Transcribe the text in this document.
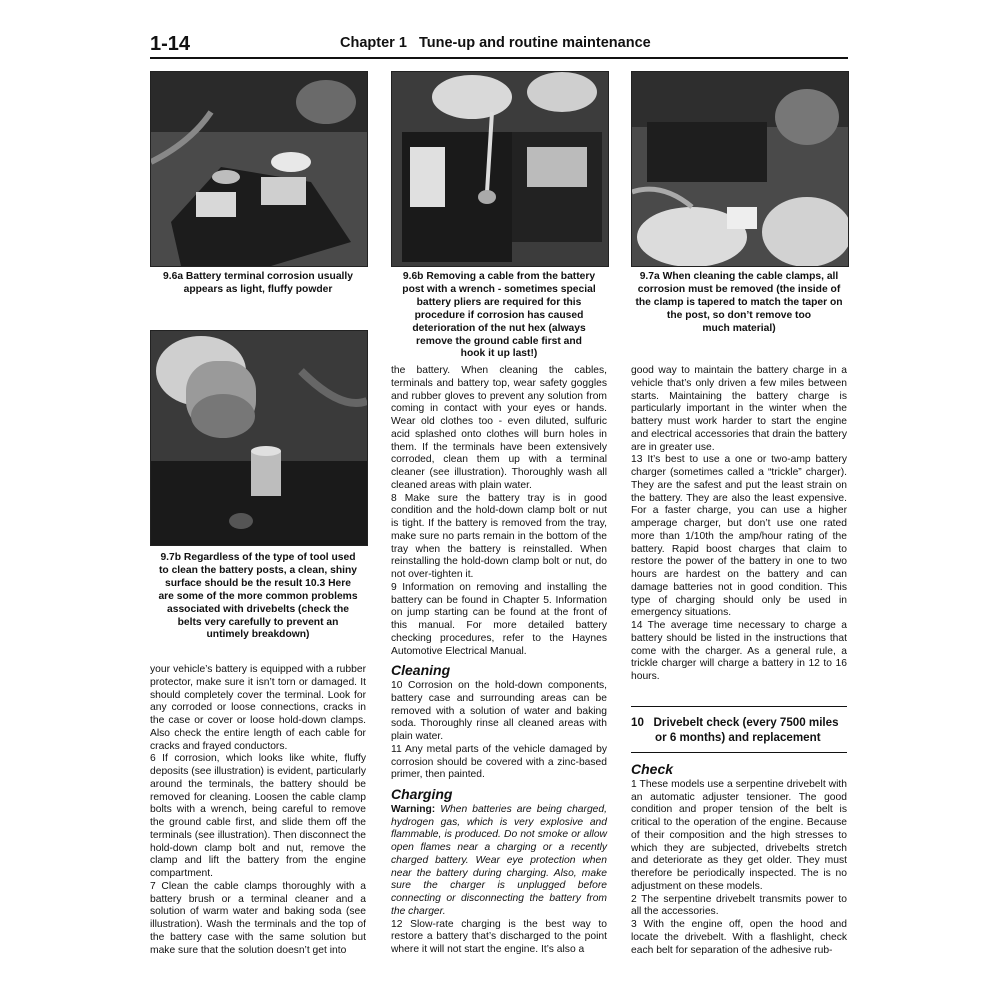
1-14	Chapter 1   Tune-up and routine maintenance
9.6a Battery terminal corrosion usually
appears as light, fluffy powder
9.6b Removing a cable from the battery
post with a wrench - sometimes special
battery pliers are required for this
procedure if corrosion has caused
deterioration of the nut hex (always
remove the ground cable first and
hook it up last!)
9.7a When cleaning the cable clamps, all
corrosion must be removed (the inside of
the clamp is tapered to match the taper on
the post, so don’t remove too
much material)
9.7b Regardless of the type of tool used
to clean the battery posts, a clean, shiny
surface should be the result 10.3 Here
are some of the more common problems
associated with drivebelts (check the
belts very carefully to prevent an
untimely breakdown)

your vehicle’s battery is equipped with a rubber protector, make sure it isn’t torn or damaged. It should completely cover the terminal. Look for any corroded or loose connections, cracks in the case or cover or loose hold-down clamps. Also check the entire length of each cable for cracks and frayed conductors.

6 If corrosion, which looks like white, fluffy deposits (see illustration) is evident, particularly around the terminals, the battery should be removed for cleaning. Loosen the cable clamp bolts with a wrench, being careful to remove the ground cable first, and slide them off the terminals (see illustration). Then disconnect the hold-down clamp bolt and nut, remove the clamp and lift the battery from the engine compartment.

7 Clean the cable clamps thoroughly with a battery brush or a terminal cleaner and a solution of warm water and baking soda (see illustration). Wash the terminals and the top of the battery case with the same solution but make sure that the solution doesn’t get into

the battery. When cleaning the cables, terminals and battery top, wear safety goggles and rubber gloves to prevent any solution from coming in contact with your eyes or hands. Wear old clothes too - even diluted, sulfuric acid splashed onto clothes will burn holes in them. If the terminals have been extensively corroded, clean them up with a terminal cleaner (see illustration). Thoroughly wash all cleaned areas with plain water.

8 Make sure the battery tray is in good condition and the hold-down clamp bolt or nut is tight. If the battery is removed from the tray, make sure no parts remain in the bottom of the tray when the battery is reinstalled. When reinstalling the hold-down clamp bolt or nut, do not over-tighten it.

9 Information on removing and installing the battery can be found in Chapter 5. Information on jump starting can be found at the front of this manual. For more detailed battery checking procedures, refer to the Haynes Automotive Electrical Manual.

Cleaning

10 Corrosion on the hold-down components, battery case and surrounding areas can be removed with a solution of water and baking soda. Thoroughly rinse all cleaned areas with plain water.

11 Any metal parts of the vehicle damaged by corrosion should be covered with a zinc-based primer, then painted.

Charging

Warning: When batteries are being charged, hydrogen gas, which is very explosive and flammable, is produced. Do not smoke or allow open flames near a charging or a recently charged battery. Wear eye protection when near the battery during charging. Also, make sure the charger is unplugged before connecting or disconnecting the battery from the charger.

12 Slow-rate charging is the best way to restore a battery that’s discharged to the point where it will not start the engine. It’s also a

good way to maintain the battery charge in a vehicle that’s only driven a few miles between starts. Maintaining the battery charge is particularly important in the winter when the battery must work harder to start the engine and electrical accessories that drain the battery are in greater use.

13 It’s best to use a one or two-amp battery charger (sometimes called a “trickle” charger). They are the safest and put the least strain on the battery. They are also the least expensive. For a faster charge, you can use a higher amperage charger, but don’t use one rated more than 1/10th the amp/hour rating of the battery. Rapid boost charges that claim to restore the power of the battery in one to two hours are hardest on the battery and can damage batteries not in good condition. This type of charging should only be used in emergency situations.

14 The average time necessary to charge a battery should be listed in the instructions that come with the charger. As a general rule, a trickle charger will charge a battery in 12 to 16 hours.

10   Drivebelt check (every 7500 miles
or 6 months) and replacement
Check

1 These models use a serpentine drivebelt with an automatic adjuster tensioner. The good condition and proper tension of the belt is critical to the operation of the engine. Because of their composition and the high stresses to which they are subjected, drivebelts stretch and deteriorate as they get older. They must therefore be periodically inspected. The is no adjustment on these models.

2 The serpentine drivebelt transmits power to all the accessories.

3 With the engine off, open the hood and locate the drivebelt. With a flashlight, check each belt for separation of the adhesive rub-
